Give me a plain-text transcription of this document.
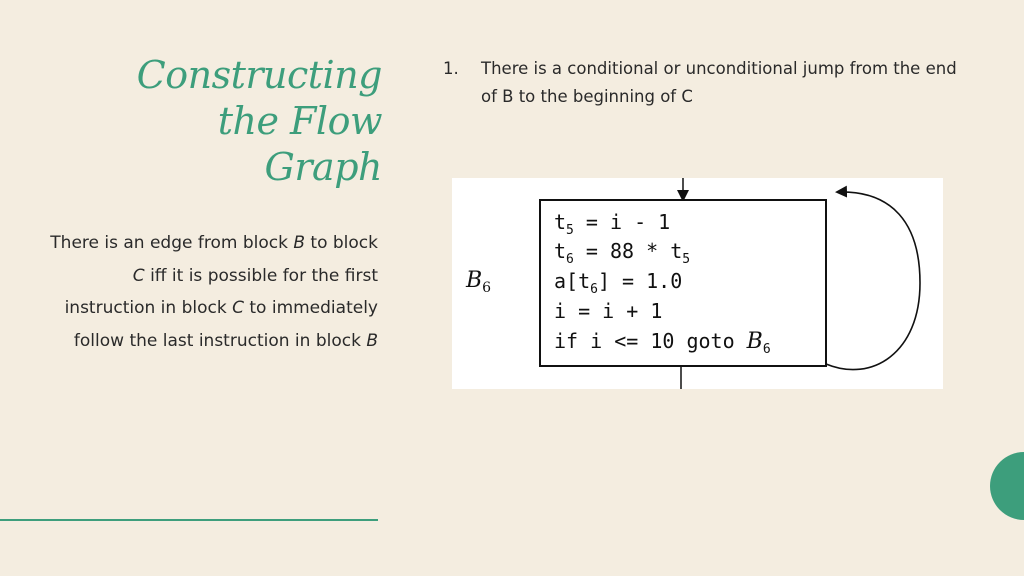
Constructing
the Flow
Graph
There is an edge from block B to block C iff it is possible for the first instruction in block C to immediately follow the last instruction in block B
1. There is a conditional or unconditional jump from the end of B to the beginning of C
$B_6$
$t_5 = i - 1$
$t_6 = 88 * t_5$
$a[t_6] = 1.0$
i = i + 1
if i <= 10 goto $B_6$
